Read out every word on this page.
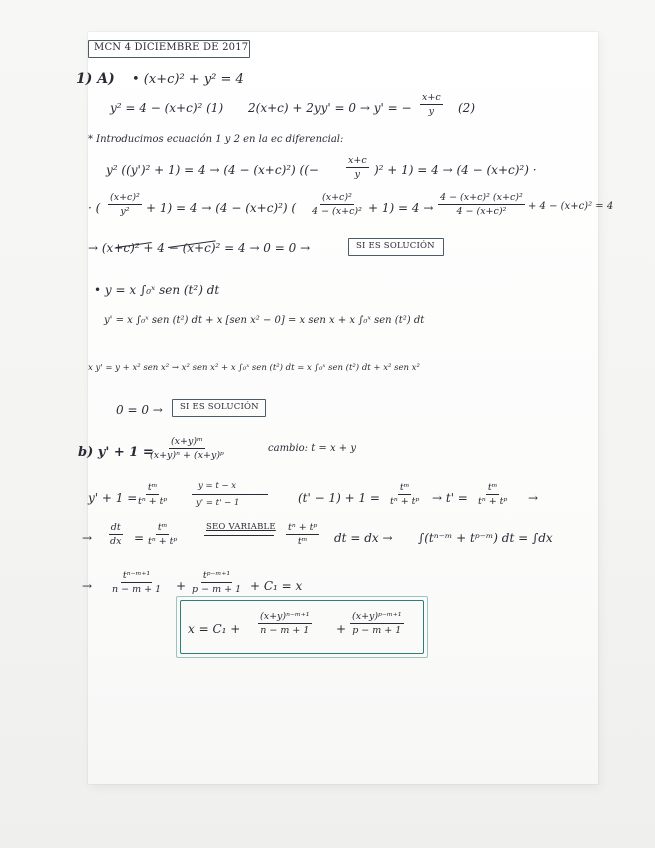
MCN 4 DICIEMBRE DE 2017
1) A) • (x+c)² + y² = 4
y² = 4 − (x+c)² (1) 2(x+c) + 2yy' = 0 → y' = − $\frac{x+c}{y} (2)$
* Introducimos ecuación 1 y 2 en la ec diferencial:
y² ((y')² + 1) = 4 → (4 − (x+c)²) ((−	$\frac{x+c}{y} )^2 + 1) = 4 \to (4 - (x+c)^2)$ ·
· ( $\frac{\text{(x+c)²}}{\text{y²}} + 1) = 4 \to (4 - (x+c)^2)$ ( $\frac{\text{(x+c)²}}{\text{4 − (x+c)²}} + 1) = 4 \to \frac{\text{4 − (x+c)² (x+c)²}}{\text{4 − (x+c)²}} + 4 - (x+c)^2 = 4$
→ (x+c)² + 4 − (x+c)² = 4 → 0 = 0 →	SI ES SOLUCIÓN
• y = x ∫₀ˣ sen (t²) dt
y' = x ∫₀ˣ sen (t²) dt + x [sen x² − 0] = x sen x + x ∫₀ˣ sen (t²) dt
x y' = y + x² sen x² → x² sen x² + x ∫₀ˣ sen (t²) dt = x ∫₀ˣ sen (t²) dt + x² sen x²
0 = 0 → SI ES SOLUCIÓN
b) y' + 1 =
$\frac{\text{(x+y)ᵐ}}{\text{(x+y)ⁿ + (x+y)ᵖ}}$	cambio: t = x + y
y' + 1 =
$\frac{\text{tᵐ}}{\text{tⁿ + tᵖ}}$	y = t − x
y' = t' − 1	$(t' - 1) + 1 = \frac{\text{tᵐ}}{\text{tⁿ + tᵖ}} \to t' = \frac{\text{tᵐ}}{\text{tⁿ + tᵖ}}$ →
→ $\frac{dt}{dx} = \frac{\text{tᵐ}}{\text{tⁿ + tᵖ}}$	SEO VARIABLE $\frac{\text{tⁿ + tᵖ}}{\text{tᵐ}}$ dt = dx → ∫(tⁿ⁻ᵐ + tᵖ⁻ᵐ) dt = ∫dx
→ $\frac{\text{tⁿ⁻ᵐ⁺¹}}{n - m + 1} + \frac{\text{tᵖ⁻ᵐ⁺¹}}{p - m + 1} + C_1 = x$
$x = C_1 + \frac{\text{(x+y)ⁿ⁻ᵐ⁺¹}}{n - m + 1} + \frac{\text{(x+y)ᵖ⁻ᵐ⁺¹}}{p - m + 1}$
